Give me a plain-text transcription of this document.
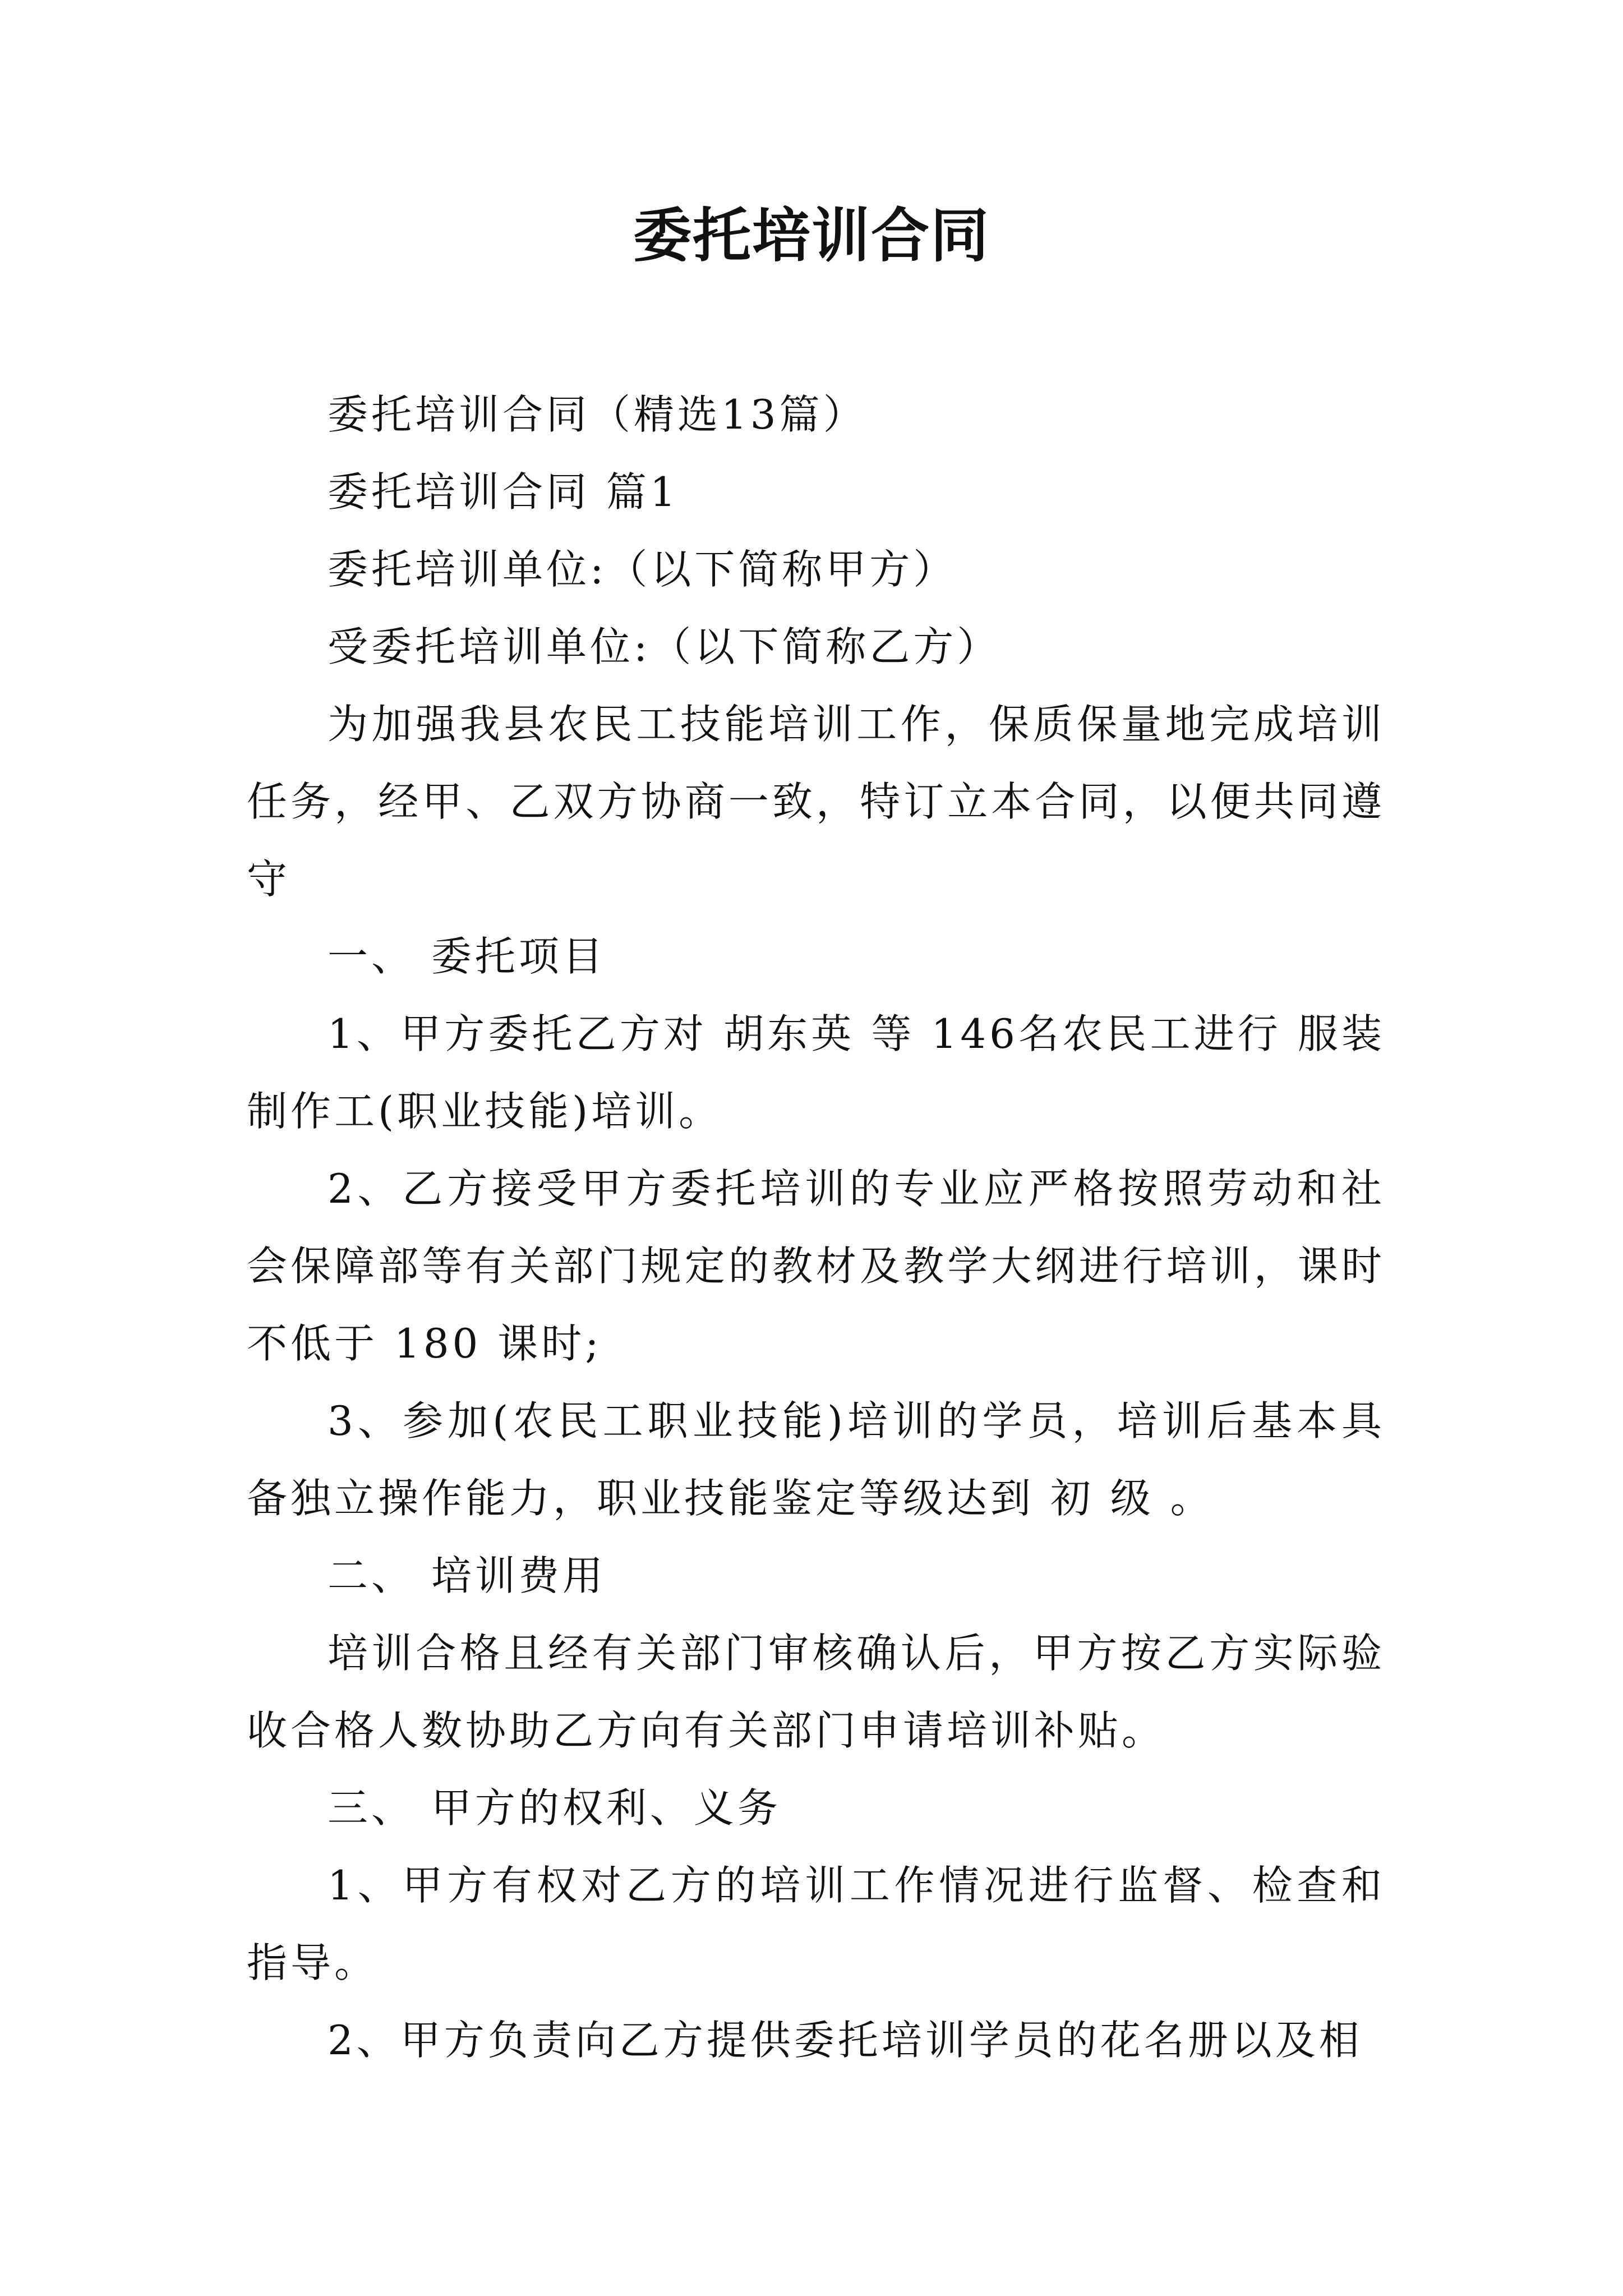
委托培训合同

委托培训合同（精选13篇）

委托培训合同 篇1

委托培训单位:（以下简称甲方）

受委托培训单位:（以下简称乙方）

为加强我县农民工技能培训工作，保质保量地完成培训任务，经甲、乙双方协商一致，特订立本合同，以便共同遵守

一、 委托项目

1、甲方委托乙方对 胡东英 等 146名农民工进行 服装制作工(职业技能)培训。

2、乙方接受甲方委托培训的专业应严格按照劳动和社会保障部等有关部门规定的教材及教学大纲进行培训，课时不低于 180 课时;

3、参加(农民工职业技能)培训的学员，培训后基本具备独立操作能力，职业技能鉴定等级达到 初 级 。

二、 培训费用

培训合格且经有关部门审核确认后，甲方按乙方实际验收合格人数协助乙方向有关部门申请培训补贴。

三、 甲方的权利、义务

1、甲方有权对乙方的培训工作情况进行监督、检查和指导。

2、甲方负责向乙方提供委托培训学员的花名册以及相
